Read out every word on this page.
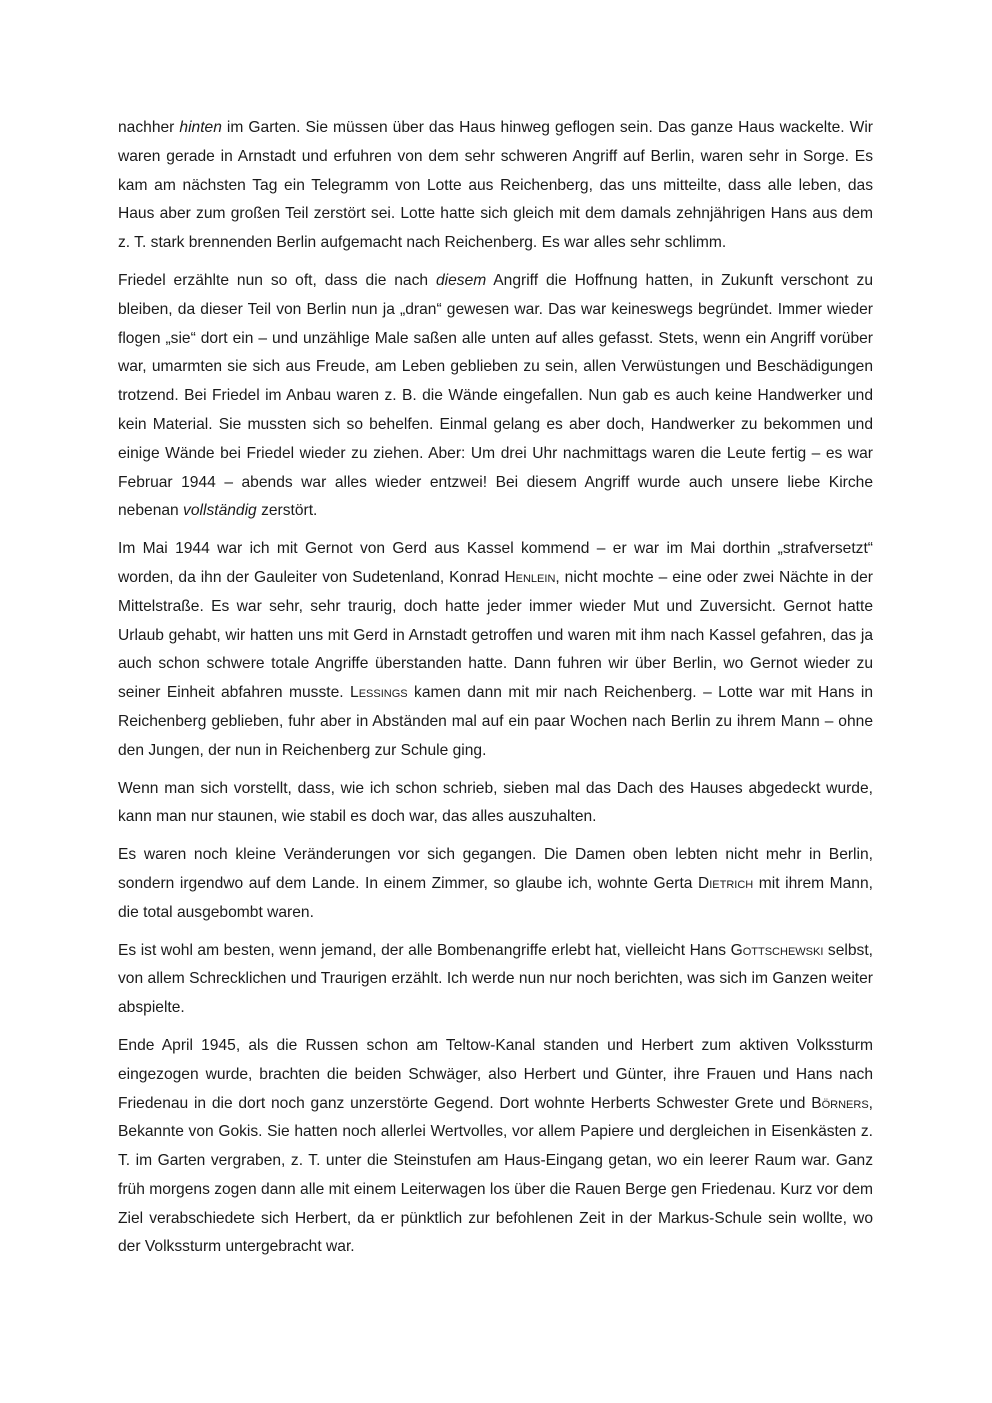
nachher hinten im Garten. Sie müssen über das Haus hinweg geflogen sein. Das ganze Haus wackelte. Wir waren gerade in Arnstadt und erfuhren von dem sehr schweren Angriff auf Berlin, waren sehr in Sorge. Es kam am nächsten Tag ein Telegramm von Lotte aus Reichenberg, das uns mitteilte, dass alle leben, das Haus aber zum großen Teil zerstört sei. Lotte hatte sich gleich mit dem damals zehnjährigen Hans aus dem z. T. stark brennenden Berlin aufgemacht nach Reichenberg. Es war alles sehr schlimm.

Friedel erzählte nun so oft, dass die nach diesem Angriff die Hoffnung hatten, in Zukunft verschont zu bleiben, da dieser Teil von Berlin nun ja „dran“ gewesen war. Das war keineswegs begründet. Immer wieder flogen „sie“ dort ein – und unzählige Male saßen alle unten auf alles gefasst. Stets, wenn ein Angriff vorüber war, umarmten sie sich aus Freude, am Leben geblieben zu sein, allen Verwüstungen und Beschädigungen trotzend. Bei Friedel im Anbau waren z. B. die Wände eingefallen. Nun gab es auch keine Handwerker und kein Material. Sie mussten sich so behelfen. Einmal gelang es aber doch, Handwerker zu bekommen und einige Wände bei Friedel wieder zu ziehen. Aber: Um drei Uhr nachmittags waren die Leute fertig – es war Februar 1944 – abends war alles wieder entzwei! Bei diesem Angriff wurde auch unsere liebe Kirche nebenan vollständig zerstört.

Im Mai 1944 war ich mit Gernot von Gerd aus Kassel kommend – er war im Mai dorthin „strafversetzt“ worden, da ihn der Gauleiter von Sudetenland, Konrad Henlein, nicht mochte – eine oder zwei Nächte in der Mittelstraße. Es war sehr, sehr traurig, doch hatte jeder immer wieder Mut und Zuversicht. Gernot hatte Urlaub gehabt, wir hatten uns mit Gerd in Arnstadt getroffen und waren mit ihm nach Kassel gefahren, das ja auch schon schwere totale Angriffe überstanden hatte. Dann fuhren wir über Berlin, wo Gernot wieder zu seiner Einheit abfahren musste. Lessings kamen dann mit mir nach Reichenberg. – Lotte war mit Hans in Reichenberg geblieben, fuhr aber in Abständen mal auf ein paar Wochen nach Berlin zu ihrem Mann – ohne den Jungen, der nun in Reichenberg zur Schule ging.

Wenn man sich vorstellt, dass, wie ich schon schrieb, sieben mal das Dach des Hauses abgedeckt wurde, kann man nur staunen, wie stabil es doch war, das alles auszuhalten.

Es waren noch kleine Veränderungen vor sich gegangen. Die Damen oben lebten nicht mehr in Berlin, sondern irgendwo auf dem Lande. In einem Zimmer, so glaube ich, wohnte Gerta Dietrich mit ihrem Mann, die total ausgebombt waren.

Es ist wohl am besten, wenn jemand, der alle Bombenangriffe erlebt hat, vielleicht Hans Gottschewski selbst, von allem Schrecklichen und Traurigen erzählt. Ich werde nun nur noch berichten, was sich im Ganzen weiter abspielte.

Ende April 1945, als die Russen schon am Teltow-Kanal standen und Herbert zum aktiven Volkssturm eingezogen wurde, brachten die beiden Schwäger, also Herbert und Günter, ihre Frauen und Hans nach Friedenau in die dort noch ganz unzerstörte Gegend. Dort wohnte Herberts Schwester Grete und Börners, Bekannte von Gokis. Sie hatten noch allerlei Wertvolles, vor allem Papiere und dergleichen in Eisenkästen z. T. im Garten vergraben, z. T. unter die Steinstufen am Haus-Eingang getan, wo ein leerer Raum war. Ganz früh morgens zogen dann alle mit einem Leiterwagen los über die Rauen Berge gen Friedenau. Kurz vor dem Ziel verabschiedete sich Herbert, da er pünktlich zur befohlenen Zeit in der Markus-Schule sein wollte, wo der Volkssturm untergebracht war.
